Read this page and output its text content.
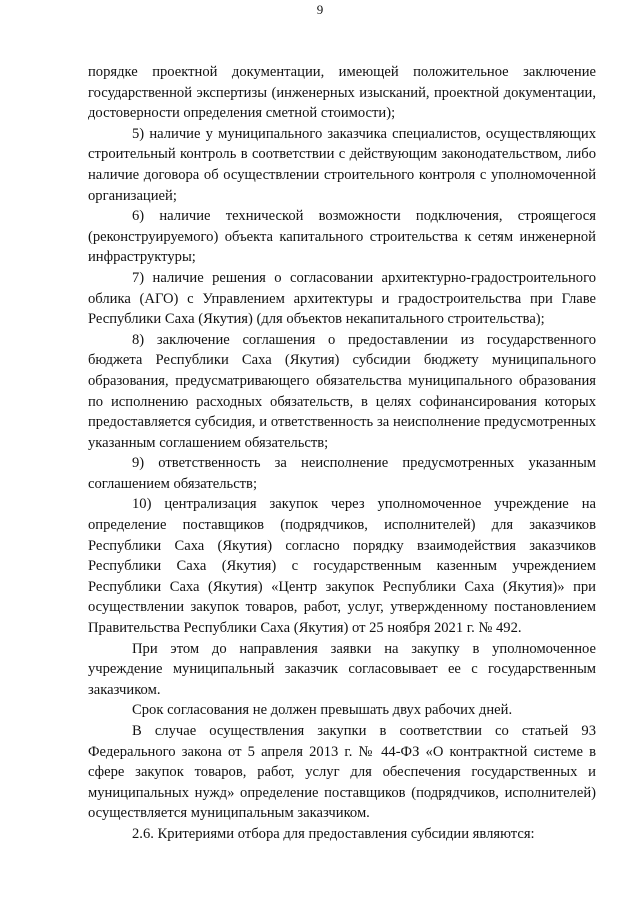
9

порядке проектной документации, имеющей положительное заключение государственной экспертизы (инженерных изысканий, проектной документации, достоверности определения сметной стоимости);

5) наличие у муниципального заказчика специалистов, осуществляющих строительный контроль в соответствии с действующим законодательством, либо наличие договора об осуществлении строительного контроля с уполномоченной организацией;

6) наличие технической возможности подключения, строящегося (реконструируемого) объекта капитального строительства к сетям инженерной инфраструктуры;

7) наличие решения о согласовании архитектурно-градостроительного облика (АГО) с Управлением архитектуры и градостроительства при Главе Республики Саха (Якутия) (для объектов некапитального строительства);

8) заключение соглашения о предоставлении из государственного бюджета Республики Саха (Якутия) субсидии бюджету муниципального образования, предусматривающего обязательства муниципального образования по исполнению расходных обязательств, в целях софинансирования которых предоставляется субсидия, и ответственность за неисполнение предусмотренных указанным соглашением обязательств;

9) ответственность за неисполнение предусмотренных указанным соглашением обязательств;

10) централизация закупок через уполномоченное учреждение на определение поставщиков (подрядчиков, исполнителей) для заказчиков Республики Саха (Якутия) согласно порядку взаимодействия заказчиков Республики Саха (Якутия) с государственным казенным учреждением Республики Саха (Якутия) «Центр закупок Республики Саха (Якутия)» при осуществлении закупок товаров, работ, услуг, утвержденному постановлением Правительства Республики Саха (Якутия) от 25 ноября 2021 г. № 492.

При этом до направления заявки на закупку в уполномоченное учреждение муниципальный заказчик согласовывает ее с государственным заказчиком.

Срок согласования не должен превышать двух рабочих дней.

В случае осуществления закупки в соответствии со статьей 93 Федерального закона от 5 апреля 2013 г. № 44-ФЗ «О контрактной системе в сфере закупок товаров, работ, услуг для обеспечения государственных и муниципальных нужд» определение поставщиков (подрядчиков, исполнителей) осуществляется муниципальным заказчиком.

2.6. Критериями отбора для предоставления субсидии являются:
